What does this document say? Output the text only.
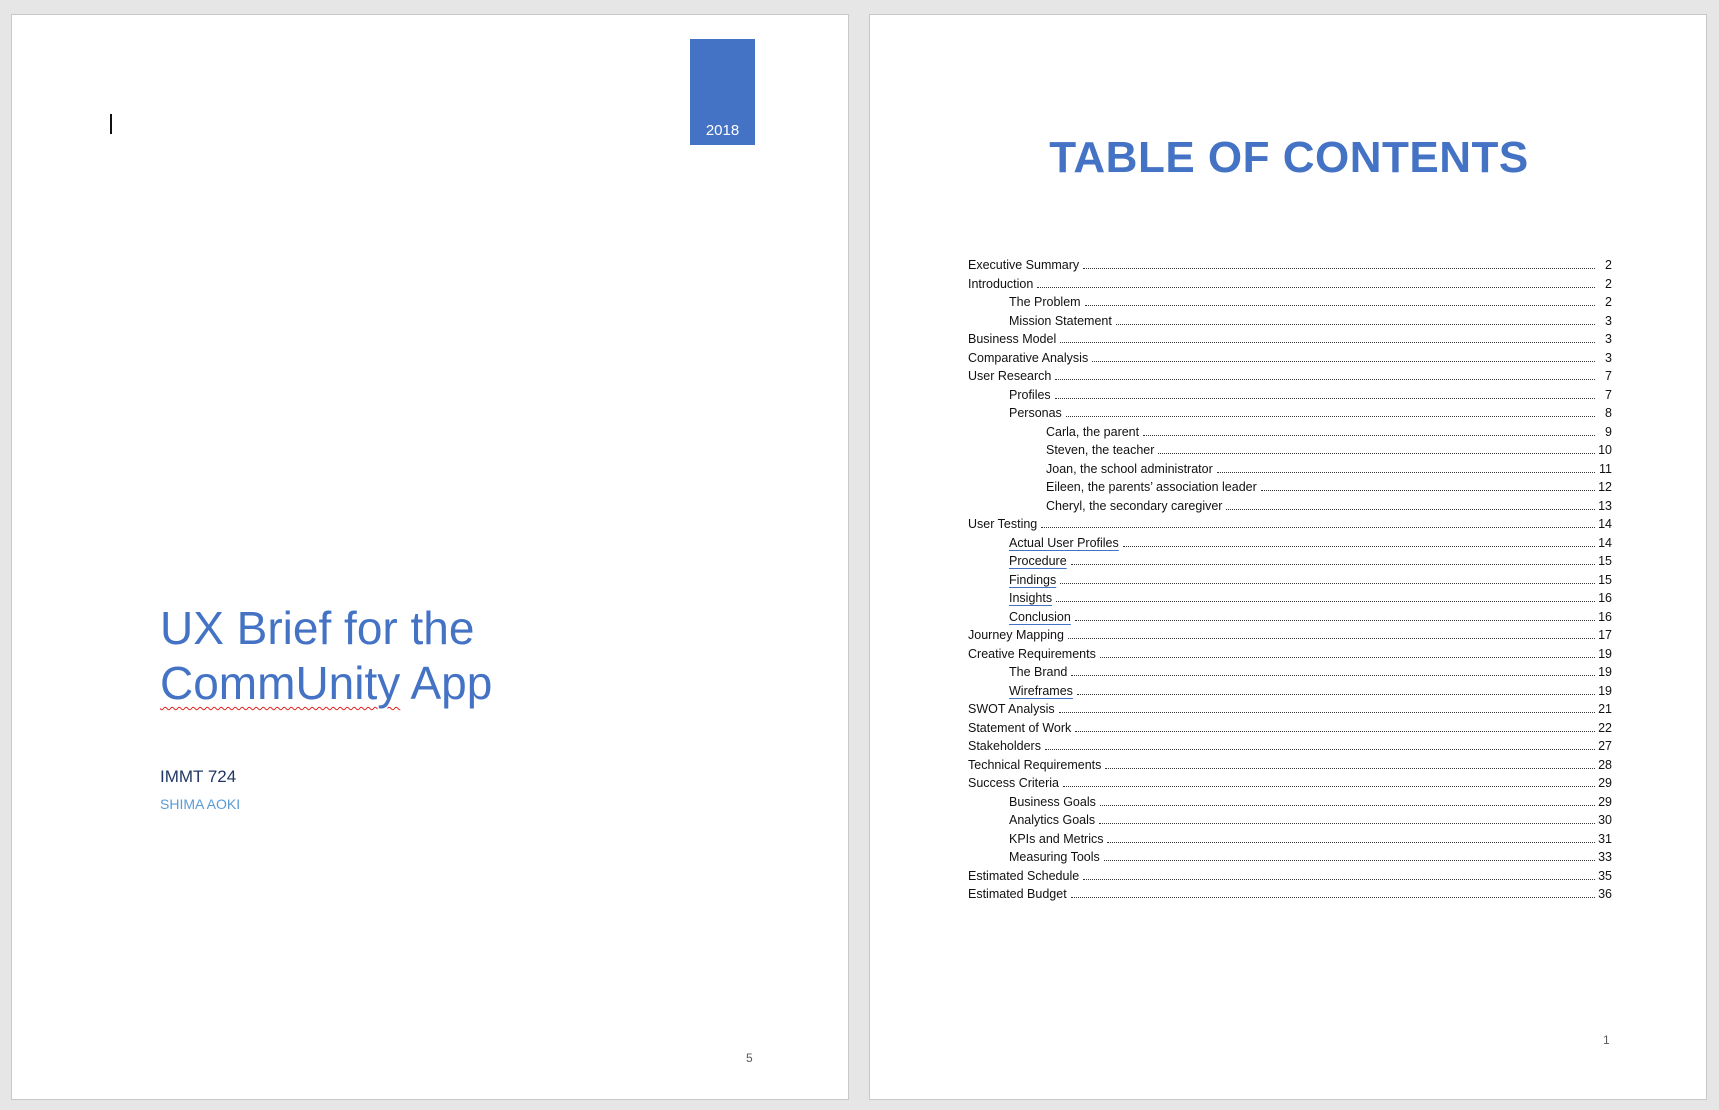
2018
UX Brief for the
CommUnity App
IMMT 724
SHIMA AOKI
5
TABLE OF CONTENTS
Executive Summary	2
Introduction	2
The Problem	2
Mission Statement	3
Business Model	3
Comparative Analysis	3
User Research	7
Profiles	7
Personas	8
Carla, the parent	9
Steven, the teacher	10
Joan, the school administrator	11
Eileen, the parents’ association leader	12
Cheryl, the secondary caregiver	13
User Testing	14
Actual User Profiles	14
Procedure	15
Findings	15
Insights	16
Conclusion	16
Journey Mapping	17
Creative Requirements	19
The Brand	19
Wireframes	19
SWOT Analysis	21
Statement of Work	22
Stakeholders	27
Technical Requirements	28
Success Criteria	29
Business Goals	29
Analytics Goals	30
KPIs and Metrics	31
Measuring Tools	33
Estimated Schedule	35
Estimated Budget	36
1
